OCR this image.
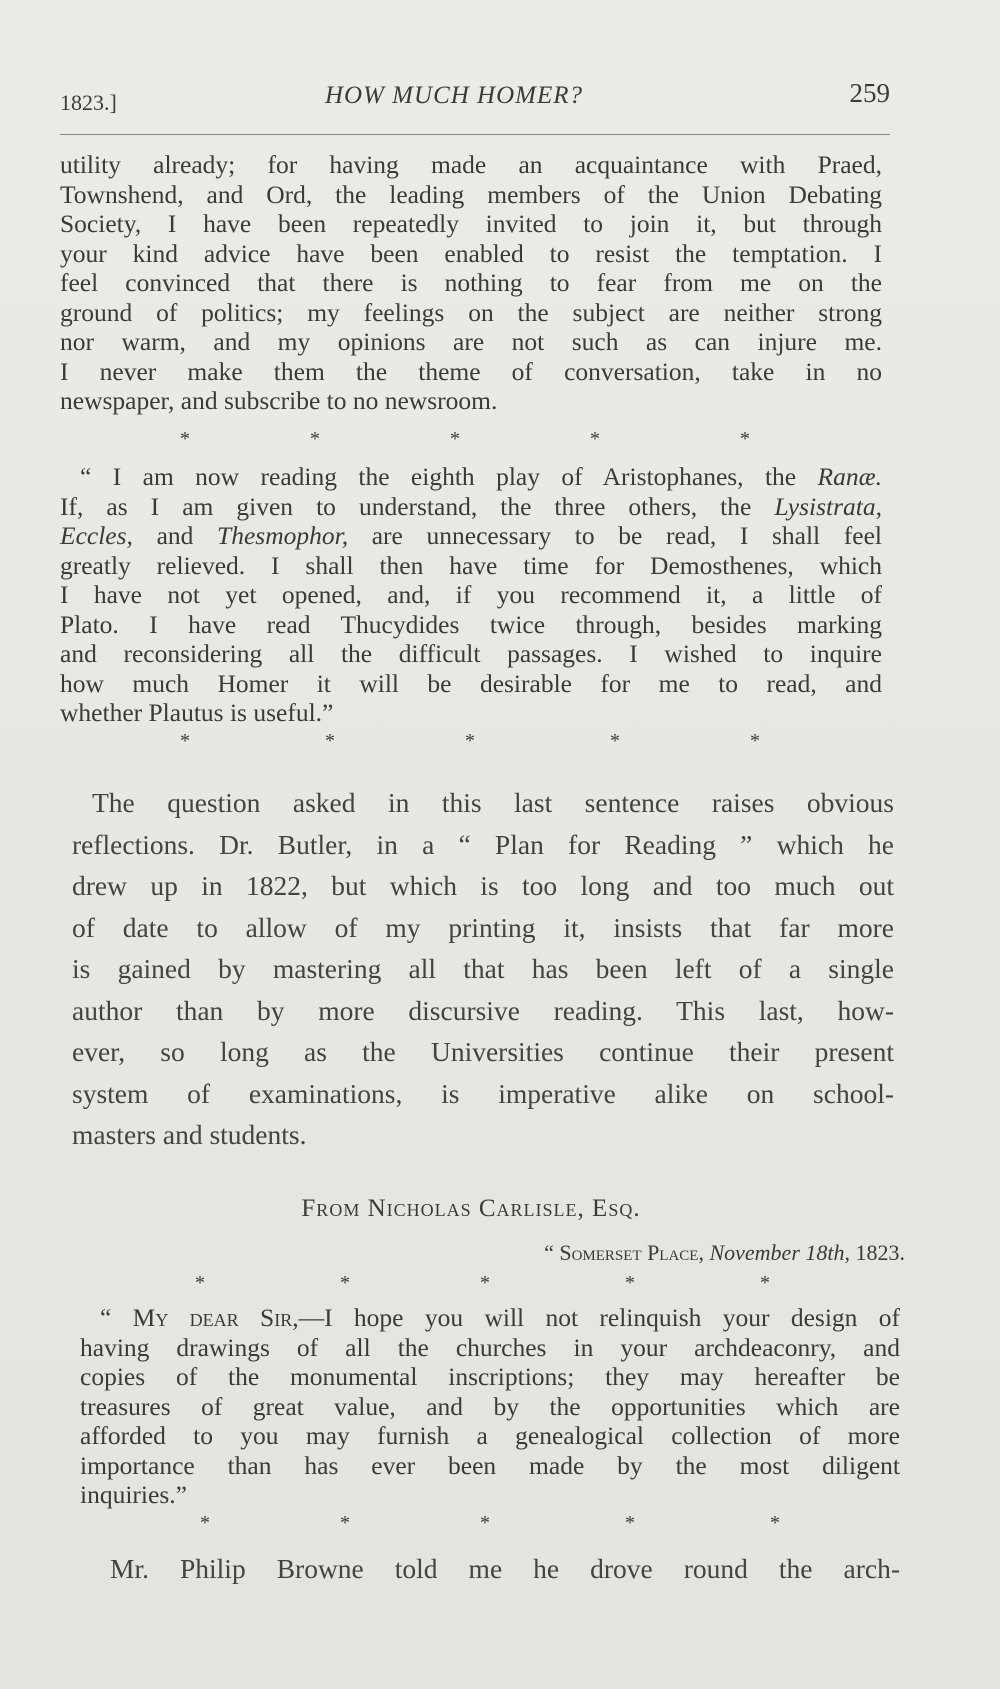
1823.]	HOW MUCH HOMER?	259
utility already; for having made an acquaintance with Praed,
Townshend, and Ord, the leading members of the Union Debating
Society, I have been repeatedly invited to join it, but through
your kind advice have been enabled to resist the temptation. I
feel convinced that there is nothing to fear from me on the
ground of politics; my feelings on the subject are neither strong
nor warm, and my opinions are not such as can injure me.
I never make them the theme of conversation, take in no
newspaper, and subscribe to no newsroom.
*	*	*	*	*
“ I am now reading the eighth play of Aristophanes, the Ranæ.
If, as I am given to understand, the three others, the Lysistrata,
Eccles, and Thesmophor, are unnecessary to be read, I shall feel
greatly relieved. I shall then have time for Demosthenes, which
I have not yet opened, and, if you recommend it, a little of
Plato. I have read Thucydides twice through, besides marking
and reconsidering all the difficult passages. I wished to inquire
how much Homer it will be desirable for me to read, and
whether Plautus is useful.”
*	*	*	*	*
The question asked in this last sentence raises obvious
reflections. Dr. Butler, in a “ Plan for Reading ” which he
drew up in 1822, but which is too long and too much out
of date to allow of my printing it, insists that far more
is gained by mastering all that has been left of a single
author than by more discursive reading. This last, how-
ever, so long as the Universities continue their present
system of examinations, is imperative alike on school-
masters and students.
From Nicholas Carlisle, Esq.
“ Somerset Place, November 18th, 1823.
*	*	*	*	*
“ My dear Sir,—I hope you will not relinquish your design of
having drawings of all the churches in your archdeaconry, and
copies of the monumental inscriptions; they may hereafter be
treasures of great value, and by the opportunities which are
afforded to you may furnish a genealogical collection of more
importance than has ever been made by the most diligent
inquiries.”
*	*	*	*	*
Mr. Philip Browne told me he drove round the arch-
